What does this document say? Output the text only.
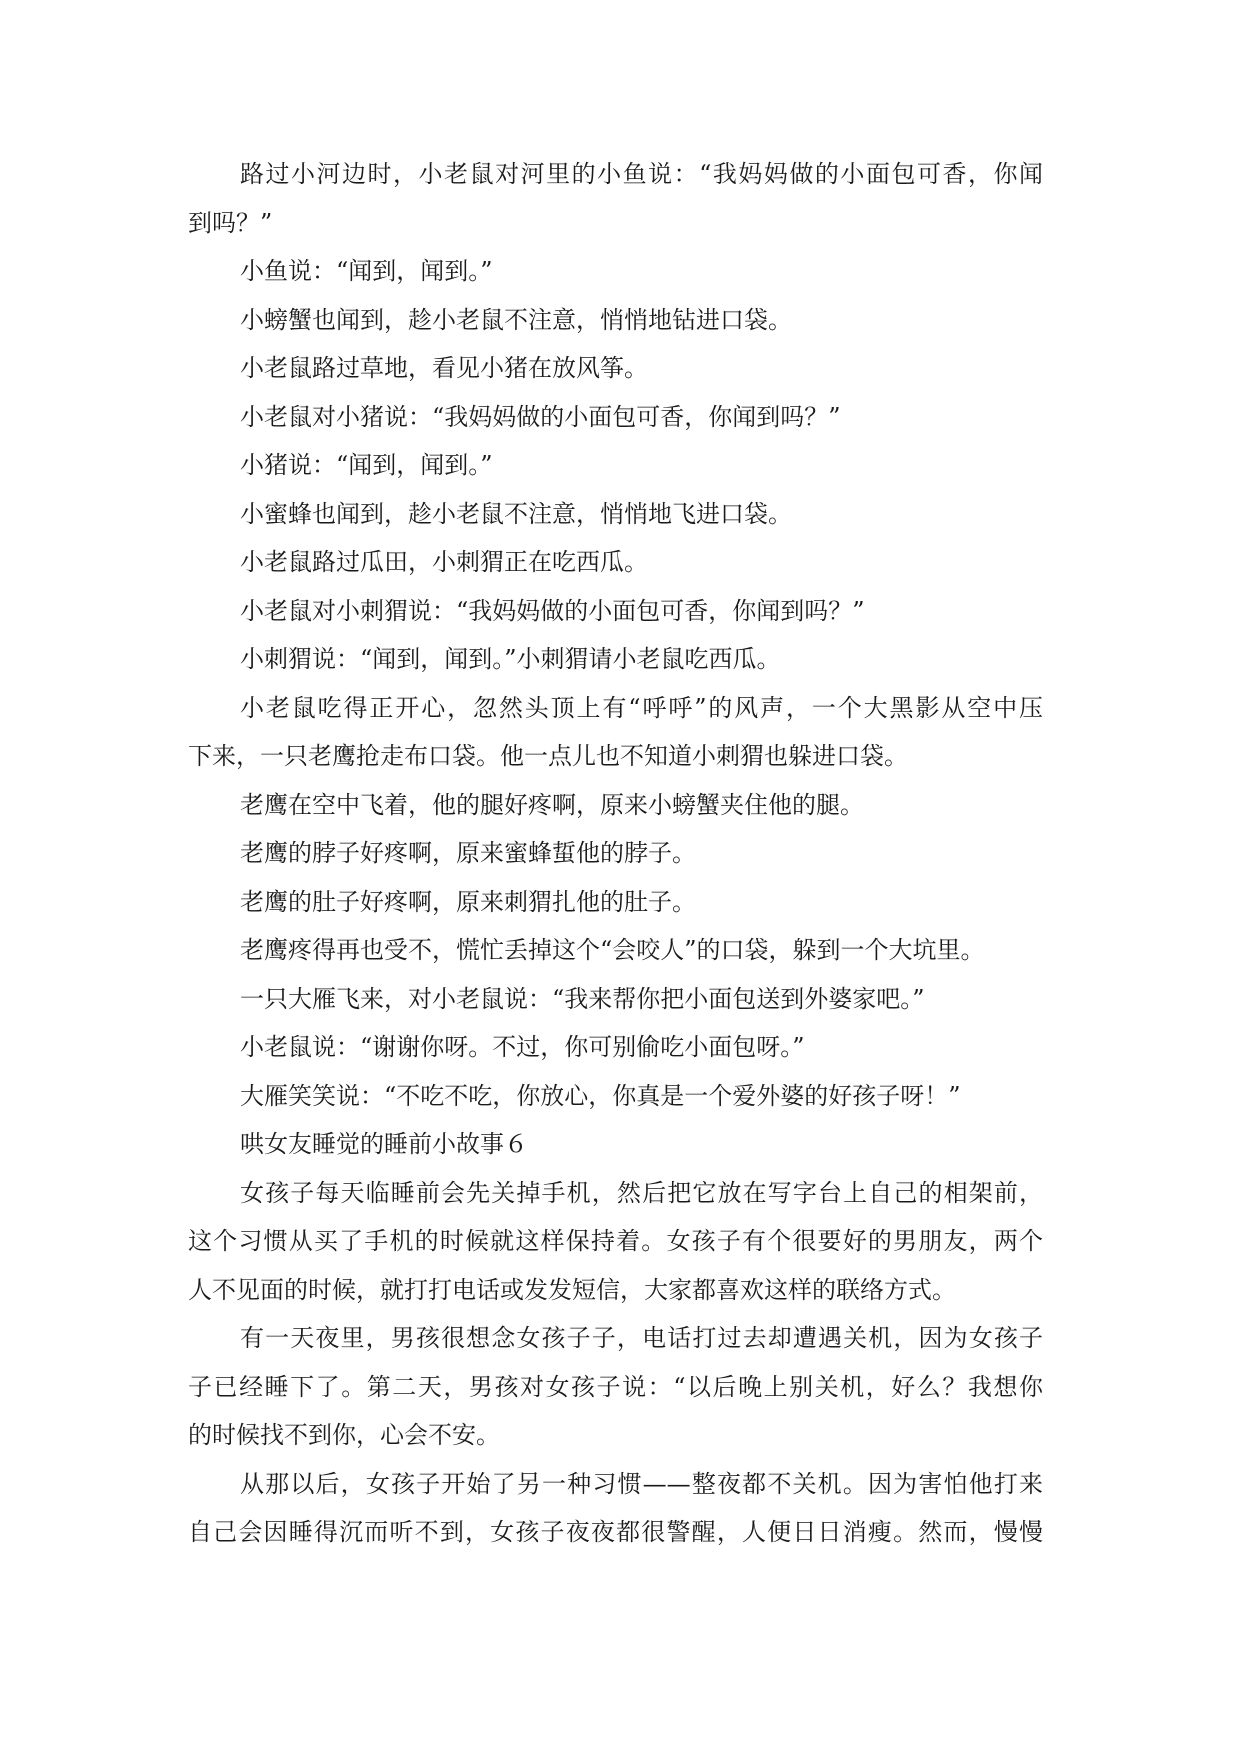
路过小河边时，小老鼠对河里的小鱼说：“我妈妈做的小面包可香，你闻
到吗？”
小鱼说：“闻到，闻到。”
小螃蟹也闻到，趁小老鼠不注意，悄悄地钻进口袋。
小老鼠路过草地，看见小猪在放风筝。
小老鼠对小猪说：“我妈妈做的小面包可香，你闻到吗？”
小猪说：“闻到，闻到。”
小蜜蜂也闻到，趁小老鼠不注意，悄悄地飞进口袋。
小老鼠路过瓜田，小刺猬正在吃西瓜。
小老鼠对小刺猬说：“我妈妈做的小面包可香，你闻到吗？”
小刺猬说：“闻到，闻到。”小刺猬请小老鼠吃西瓜。
小老鼠吃得正开心，忽然头顶上有“呼呼”的风声，一个大黑影从空中压
下来，一只老鹰抢走布口袋。他一点儿也不知道小刺猬也躲进口袋。
老鹰在空中飞着，他的腿好疼啊，原来小螃蟹夹住他的腿。
老鹰的脖子好疼啊，原来蜜蜂蜇他的脖子。
老鹰的肚子好疼啊，原来刺猬扎他的肚子。
老鹰疼得再也受不，慌忙丢掉这个“会咬人”的口袋，躲到一个大坑里。
一只大雁飞来，对小老鼠说：“我来帮你把小面包送到外婆家吧。”
小老鼠说：“谢谢你呀。不过，你可别偷吃小面包呀。”
大雁笑笑说：“不吃不吃，你放心，你真是一个爱外婆的好孩子呀！”
哄女友睡觉的睡前小故事６
女孩子每天临睡前会先关掉手机，然后把它放在写字台上自己的相架前，
这个习惯从买了手机的时候就这样保持着。女孩子有个很要好的男朋友，两个
人不见面的时候，就打打电话或发发短信，大家都喜欢这样的联络方式。
有一天夜里，男孩很想念女孩子子，电话打过去却遭遇关机，因为女孩子
子已经睡下了。第二天，男孩对女孩子说：“以后晚上别关机，好么？我想你
的时候找不到你，心会不安。
从那以后，女孩子开始了另一种习惯——整夜都不关机。因为害怕他打来
自己会因睡得沉而听不到，女孩子夜夜都很警醒，人便日日消瘦。然而，慢慢
